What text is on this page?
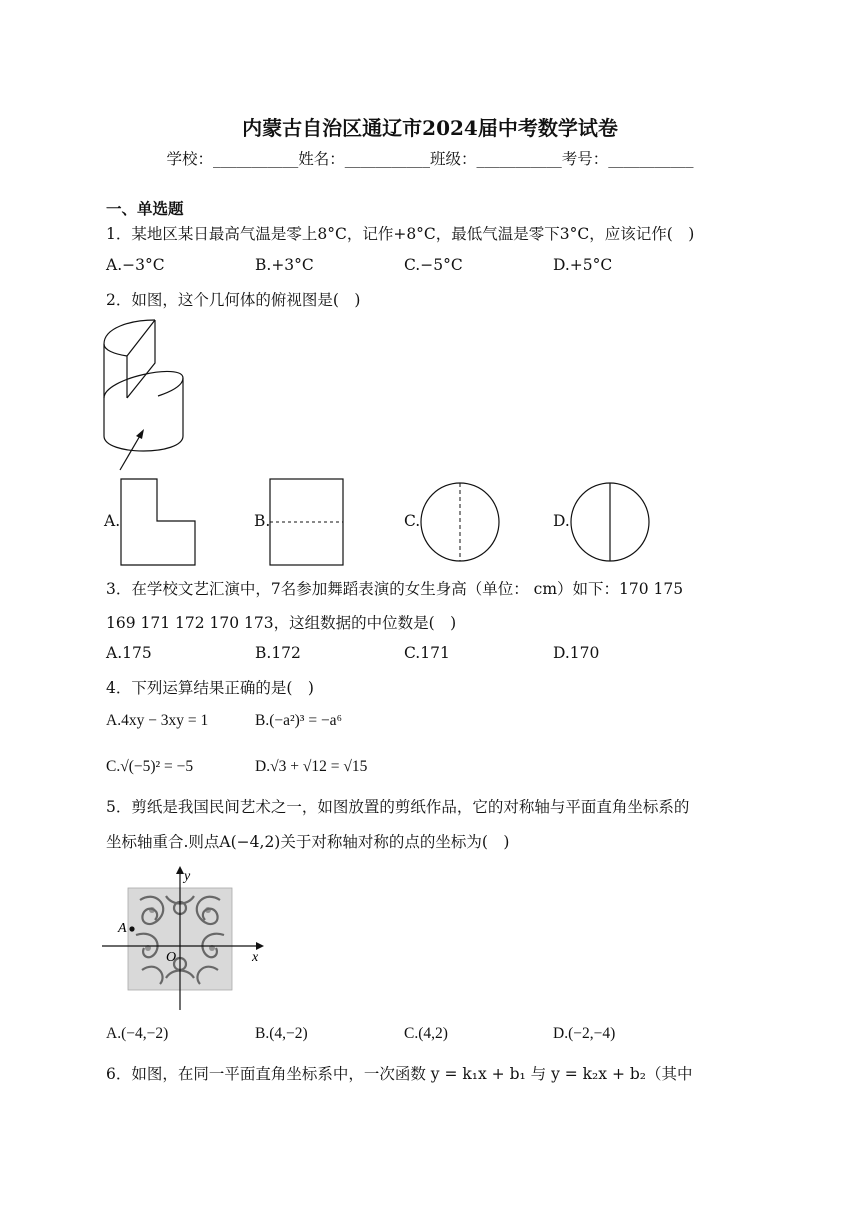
内蒙古自治区通辽市2024届中考数学试卷
学校：___________姓名：___________班级：___________考号：___________
一、单选题
1．某地区某日最高气温是零上8°C，记作+8°C，最低气温是零下3°C，应该记作(　)
A.−3°C	B.+3°C	C.−5°C	D.+5°C
2．如图，这个几何体的俯视图是(　)
A.	B.	C.	D.
3．在学校文艺汇演中，7名参加舞蹈表演的女生身高（单位： cm）如下：170 175
169 171 172 170 173，这组数据的中位数是(　)
A.175	B.172	C.171	D.170
4．下列运算结果正确的是(　)
A.4xy − 3xy = 1	B.(−a²)³ = −a⁶
C.√(−5)² = −5	D.√3 + √12 = √15
5．剪纸是我国民间艺术之一，如图放置的剪纸作品，它的对称轴与平面直角坐标系的
坐标轴重合.则点A(−4,2)关于对称轴对称的点的坐标为(　)
A
y
x
O
A.(−4,−2)	B.(4,−2)	C.(4,2)	D.(−2,−4)
6．如图，在同一平面直角坐标系中，一次函数 y = k₁x + b₁ 与 y = k₂x + b₂（其中
